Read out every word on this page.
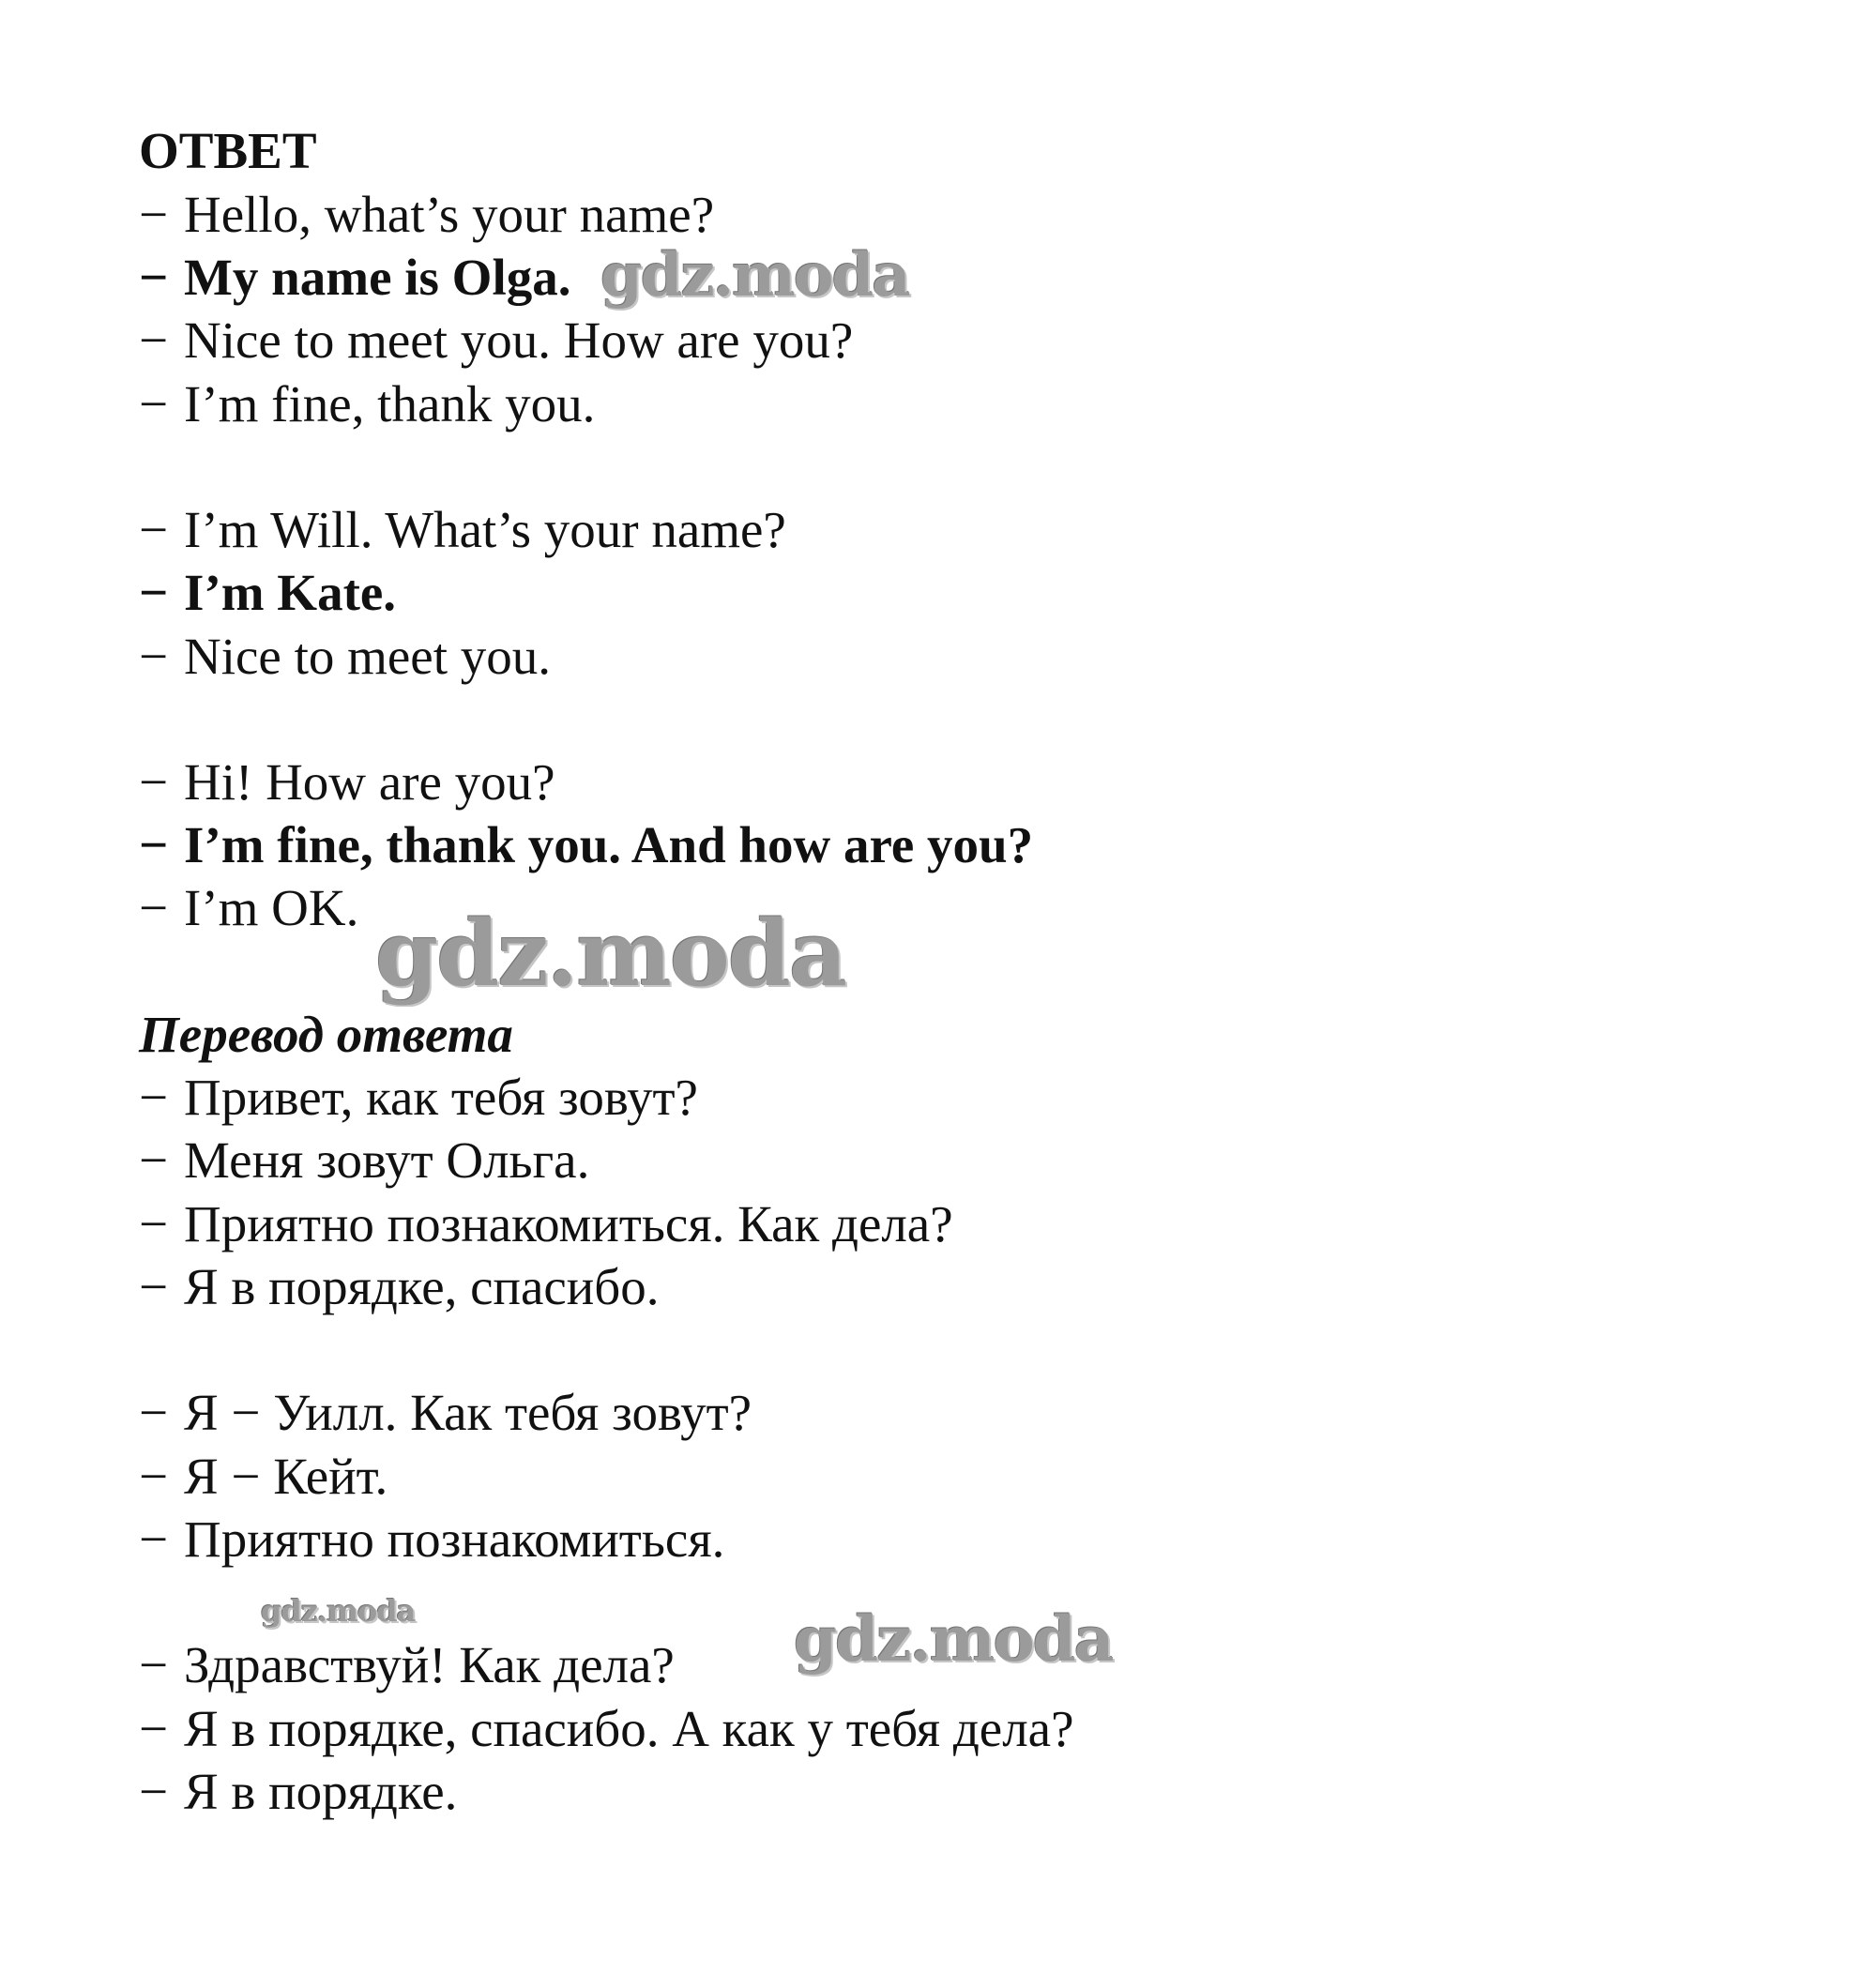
ОТВЕТ
− Hello, what’s your name?
− My name is Olga.
− Nice to meet you. How are you?
− I’m fine, thank you.
− I’m Will. What’s your name?
− I’m Kate.
− Nice to meet you.
− Hi! How are you?
− I’m fine, thank you. And how are you?
− I’m OK.
Перевод ответа
− Привет, как тебя зовут?
− Меня зовут Ольга.
− Приятно познакомиться. Как дела?
− Я в порядке, спасибо.
− Я − Уилл. Как тебя зовут?
− Я − Кейт.
− Приятно познакомиться.
− Здравствуй! Как дела?
− Я в порядке, спасибо. А как у тебя дела?
− Я в порядке.
gdz.moda
gdz.moda
gdz.moda	gdz.moda
